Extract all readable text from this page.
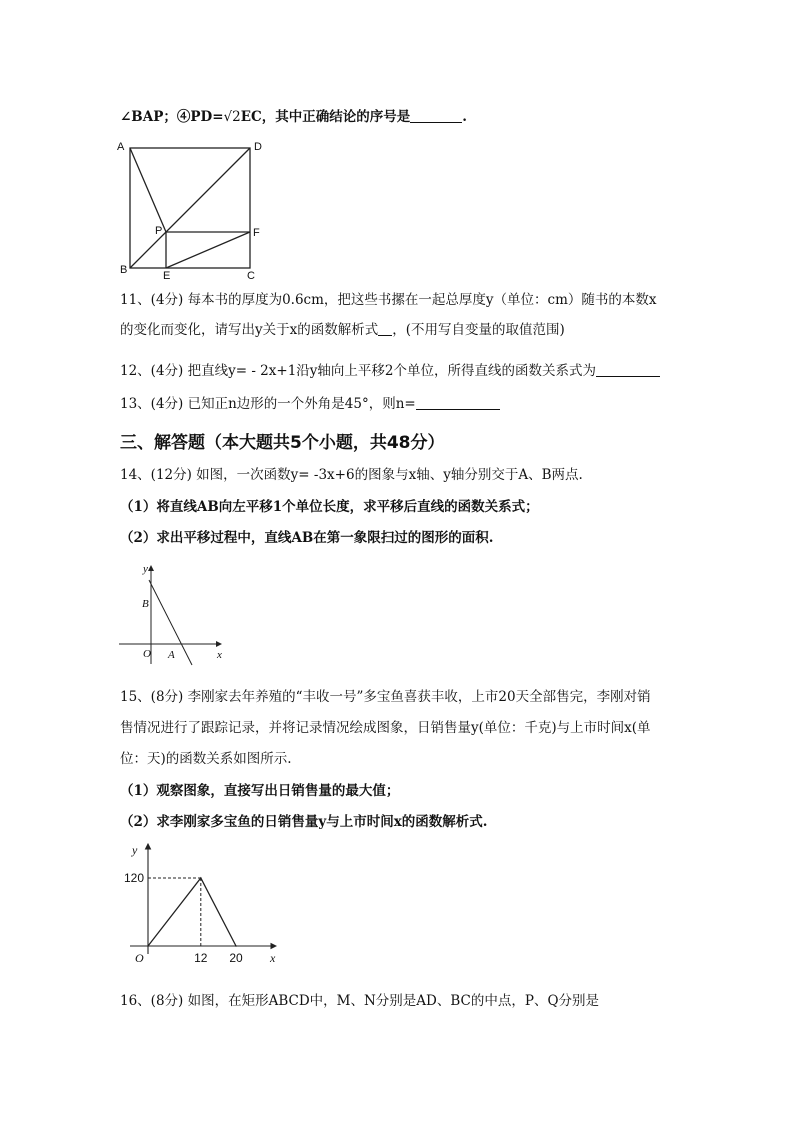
∠BAP；④PD=√2EC，其中正确结论的序号是	.
A	D
P	F
B	E	C
11、(4分) 每本书的厚度为0.6cm，把这些书摞在一起总厚度y（单位：cm）随书的本数x
的变化而变化，请写出y关于x的函数解析式 ，(不用写自变量的取值范围)
12、(4分) 把直线y= - 2x+1沿y轴向上平移2个单位，所得直线的函数关系式为
13、(4分) 已知正n边形的一个外角是45°，则n=
三、解答题（本大题共5个小题，共48分）
14、(12分) 如图，一次函数y= -3x+6的图象与x轴、y轴分别交于A、B两点.
（1）将直线AB向左平移1个单位长度，求平移后直线的函数关系式；
（2）求出平移过程中，直线AB在第一象限扫过的图形的面积.
y
x
B
O A
15、(8分) 李刚家去年养殖的“丰收一号”多宝鱼喜获丰收，上市20天全部售完，李刚对销
售情况进行了跟踪记录，并将记录情况绘成图象，日销售量y(单位：千克)与上市时间x(单
位：天)的函数关系如图所示.
（1）观察图象，直接写出日销售量的最大值；
（2）求李刚家多宝鱼的日销售量y与上市时间x的函数解析式.
12 20
120
y
x
O
16、(8分) 如图，在矩形ABCD中，M、N分别是AD、BC的中点，P、Q分别是
